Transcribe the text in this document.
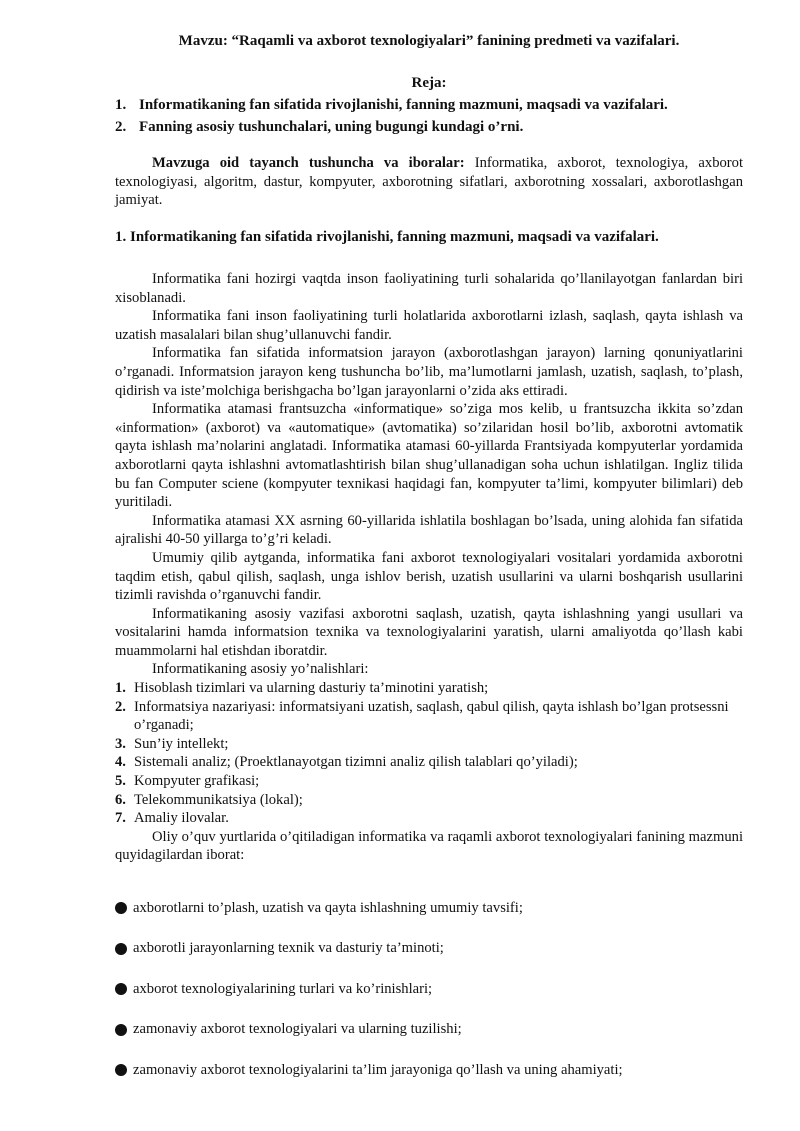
Mavzu: “Raqamli va axborot texnologiyalari” fanining predmeti va vazifalari.
Reja:
1. Informatikaning fan sifatida rivojlanishi, fanning mazmuni, maqsadi va vazifalari.
2. Fanning asosiy tushunchalari, uning bugungi kundagi o’rni.
Mavzuga oid tayanch tushuncha va iboralar: Informatika, axborot, texnologiya, axborot texnologiyasi, algoritm, dastur, kompyuter, axborotning sifatlari, axborotning xossalari, axborotlashgan jamiyat.
1. Informatikaning fan sifatida rivojlanishi, fanning mazmuni, maqsadi va vazifalari.

Informatika fani hozirgi vaqtda inson faoliyatining turli sohalarida qo’llanilayotgan fanlardan biri xisoblanadi.

Informatika fani inson faoliyatining turli holatlarida axborotlarni izlash, saqlash, qayta ishlash va uzatish masalalari bilan shug’ullanuvchi fandir.

Informatika fan sifatida informatsion jarayon (axborotlashgan jarayon) larning qonuniyatlarini o’rganadi. Informatsion jarayon keng tushuncha bo’lib, ma’lumotlarni jamlash, uzatish, saqlash, to’plash, qidirish va iste’molchiga berishgacha bo’lgan jarayonlarni o’zida aks ettiradi.

Informatika atamasi frantsuzcha «informatique» so’ziga mos kelib, u frantsuzcha ikkita so’zdan «information» (axborot) va «automatique» (avtomatika) so’zilaridan hosil bo’lib, axborotni avtomatik qayta ishlash ma’nolarini anglatadi. Informatika atamasi 60-yillarda Frantsiyada kompyuterlar yordamida axborotlarni qayta ishlashni avtomatlashtirish bilan shug’ullanadigan soha uchun ishlatilgan. Ingliz tilida bu fan Computer sciene (kompyuter texnikasi haqidagi fan, kompyuter ta’limi, kompyuter bilimlari) deb yuritiladi.

Informatika atamasi XX asrning 60-yillarida ishlatila boshlagan bo’lsada, uning alohida fan sifatida ajralishi 40-50 yillarga to’g’ri keladi.

Umumiy qilib aytganda, informatika fani axborot texnologiyalari vositalari yordamida axborotni taqdim etish, qabul qilish, saqlash, unga ishlov berish, uzatish usullarini va ularni boshqarish usullarini tizimli ravishda o’rganuvchi fandir.

Informatikaning asosiy vazifasi axborotni saqlash, uzatish, qayta ishlashning yangi usullari va vositalarini hamda informatsion texnika va texnologiyalarini yaratish, ularni amaliyotda qo’llash kabi muammolarni hal etishdan iboratdir.

Informatikaning asosiy yo’nalishlari:

1. Hisoblash tizimlari va ularning dasturiy ta’minotini yaratish;
2. Informatsiya nazariyasi: informatsiyani uzatish, saqlash, qabul qilish, qayta ishlash bo’lgan protsessni o’rganadi;
3. Sun’iy intellekt;
4. Sistemali analiz; (Proektlanayotgan tizimni analiz qilish talablari qo’yiladi);
5. Kompyuter grafikasi;
6. Telekommunikatsiya (lokal);
7. Amaliy ilovalar.

Oliy o’quv yurtlarida o’qitiladigan informatika va raqamli axborot texnologiyalari fanining mazmuni quyidagilardan iborat:

axborotlarni to’plash, uzatish va qayta ishlashning umumiy tavsifi;
axborotli jarayonlarning texnik va dasturiy ta’minoti;
axborot texnologiyalarining turlari va ko’rinishlari;
zamonaviy axborot texnologiyalari va ularning tuzilishi;
zamonaviy axborot texnologiyalarini ta’lim jarayoniga qo’llash va uning ahamiyati;
